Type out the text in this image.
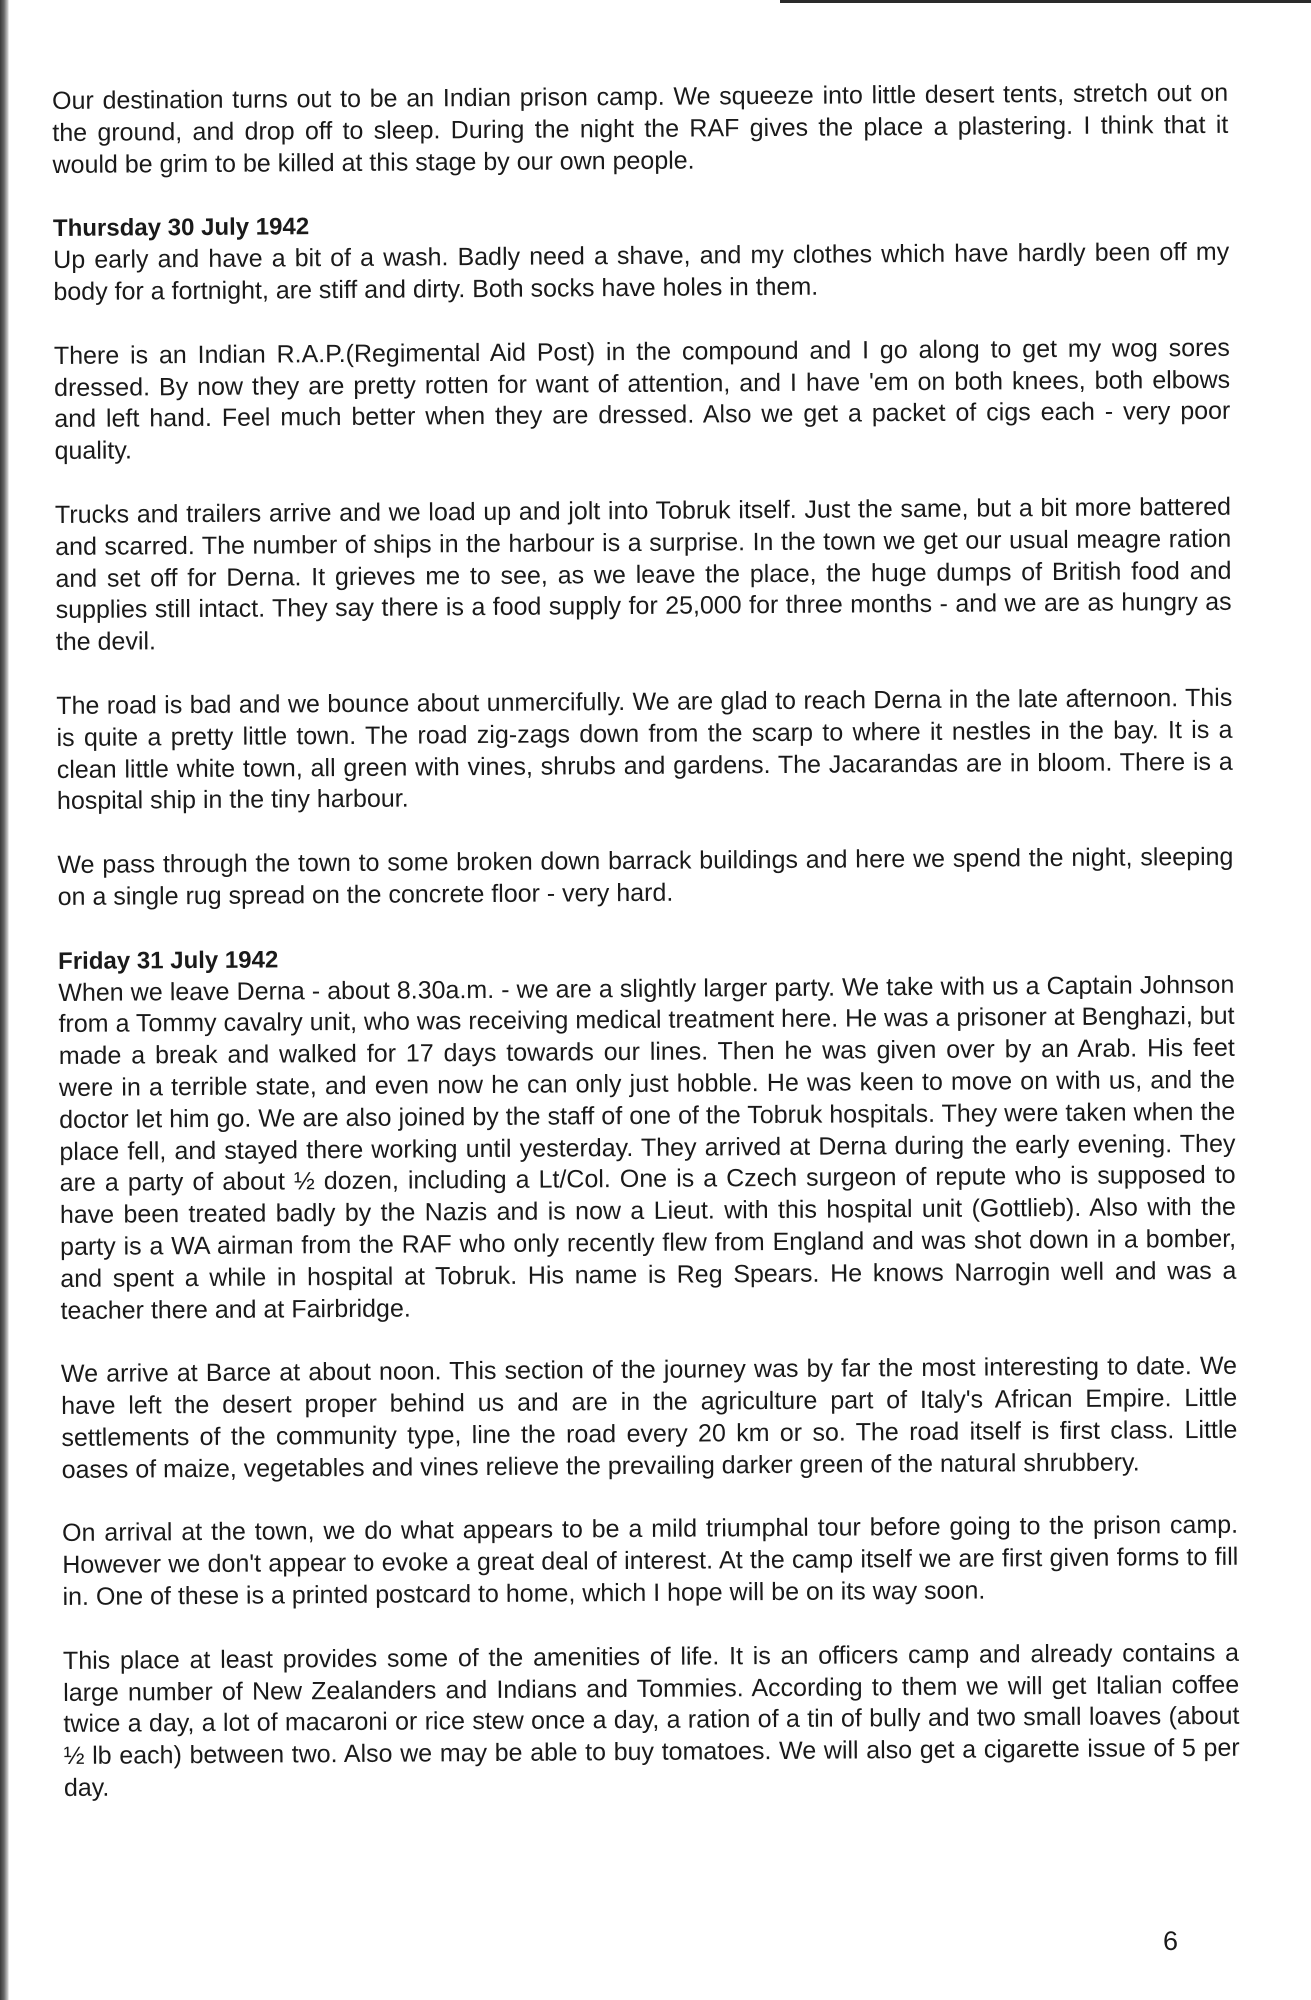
Our destination turns out to be an Indian prison camp. We squeeze into little desert tents, stretch out on the ground, and drop off to sleep. During the night the RAF gives the place a plastering. I think that it would be grim to be killed at this stage by our own people.

Thursday 30 July 1942

Up early and have a bit of a wash. Badly need a shave, and my clothes which have hardly been off my body for a fortnight, are stiff and dirty. Both socks have holes in them.

There is an Indian R.A.P.(Regimental Aid Post) in the compound and I go along to get my wog sores dressed. By now they are pretty rotten for want of attention, and I have 'em on both knees, both elbows and left hand. Feel much better when they are dressed. Also we get a packet of cigs each - very poor quality.

Trucks and trailers arrive and we load up and jolt into Tobruk itself. Just the same, but a bit more battered and scarred. The number of ships in the harbour is a surprise. In the town we get our usual meagre ration and set off for Derna. It grieves me to see, as we leave the place, the huge dumps of British food and supplies still intact. They say there is a food supply for 25,000 for three months - and we are as hungry as the devil.

The road is bad and we bounce about unmercifully. We are glad to reach Derna in the late afternoon. This is quite a pretty little town. The road zig-zags down from the scarp to where it nestles in the bay. It is a clean little white town, all green with vines, shrubs and gardens. The Jacarandas are in bloom. There is a hospital ship in the tiny harbour.

We pass through the town to some broken down barrack buildings and here we spend the night, sleeping on a single rug spread on the concrete floor - very hard.

Friday 31 July 1942

When we leave Derna - about 8.30a.m. - we are a slightly larger party. We take with us a Captain Johnson from a Tommy cavalry unit, who was receiving medical treatment here. He was a prisoner at Benghazi, but made a break and walked for 17 days towards our lines. Then he was given over by an Arab. His feet were in a terrible state, and even now he can only just hobble. He was keen to move on with us, and the doctor let him go. We are also joined by the staff of one of the Tobruk hospitals. They were taken when the place fell, and stayed there working until yesterday. They arrived at Derna during the early evening. They are a party of about ½ dozen, including a Lt/Col. One is a Czech surgeon of repute who is supposed to have been treated badly by the Nazis and is now a Lieut. with this hospital unit (Gottlieb). Also with the party is a WA airman from the RAF who only recently flew from England and was shot down in a bomber, and spent a while in hospital at Tobruk. His name is Reg Spears. He knows Narrogin well and was a teacher there and at Fairbridge.

We arrive at Barce at about noon. This section of the journey was by far the most interesting to date. We have left the desert proper behind us and are in the agriculture part of Italy's African Empire. Little settlements of the community type, line the road every 20 km or so. The road itself is first class. Little oases of maize, vegetables and vines relieve the prevailing darker green of the natural shrubbery.

On arrival at the town, we do what appears to be a mild triumphal tour before going to the prison camp. However we don't appear to evoke a great deal of interest. At the camp itself we are first given forms to fill in. One of these is a printed postcard to home, which I hope will be on its way soon.

This place at least provides some of the amenities of life. It is an officers camp and already contains a large number of New Zealanders and Indians and Tommies. According to them we will get Italian coffee twice a day, a lot of macaroni or rice stew once a day, a ration of a tin of bully and two small loaves (about ½ lb each) between two. Also we may be able to buy tomatoes. We will also get a cigarette issue of 5 per day.

6
